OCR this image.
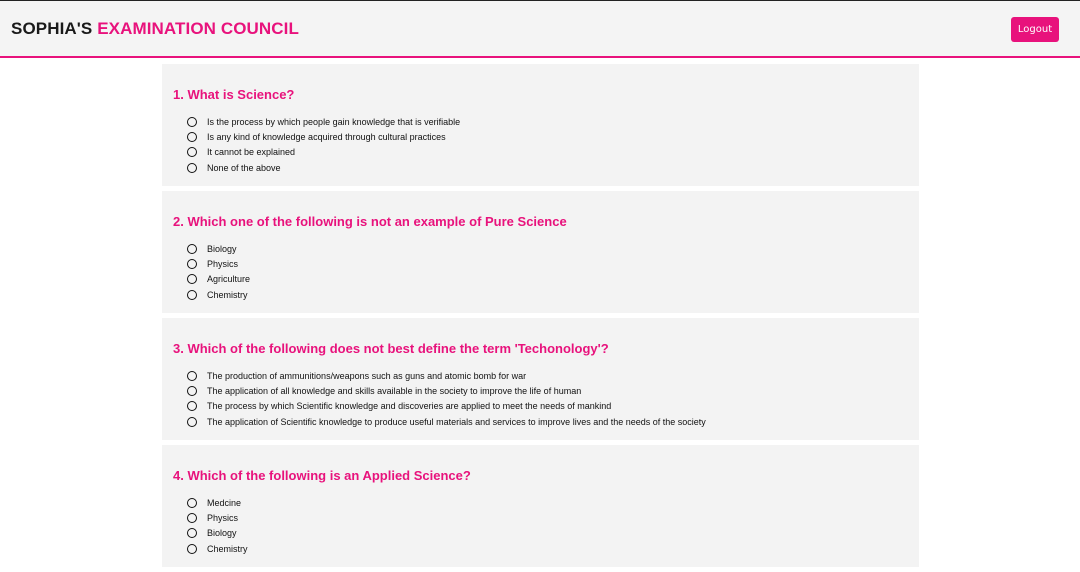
SOPHIA'S EXAMINATION COUNCIL	Logout
1. What is Science?
Is the process by which people gain knowledge that is verifiable
Is any kind of knowledge acquired through cultural practices
It cannot be explained
None of the above
2. Which one of the following is not an example of Pure Science
Biology
Physics
Agriculture
Chemistry
3. Which of the following does not best define the term 'Techonology'?
The production of ammunitions/weapons such as guns and atomic bomb for war
The application of all knowledge and skills available in the society to improve the life of human
The process by which Scientific knowledge and discoveries are applied to meet the needs of mankind
The application of Scientific knowledge to produce useful materials and services to improve lives and the needs of the society
4. Which of the following is an Applied Science?
Medcine
Physics
Biology
Chemistry
